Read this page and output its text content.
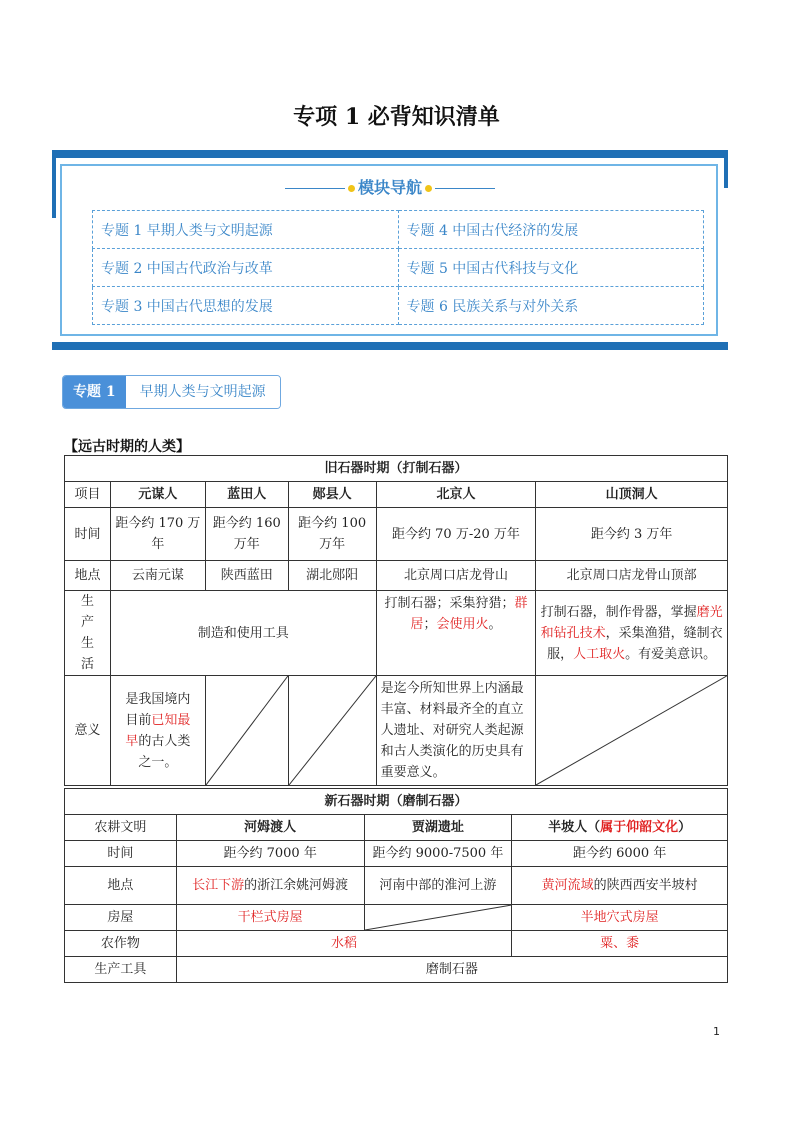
专项 1 必背知识清单
模块导航
专题 1 早期人类与文明起源	专题 4 中国古代经济的发展
专题 2 中国古代政治与改革	专题 5 中国古代科技与文化
专题 3 中国古代思想的发展	专题 6 民族关系与对外关系
专题 1	早期人类与文明起源
【远古时期的人类】
旧石器时期（打制石器）					
项目	元谋人	蓝田人	郧县人	北京人	山顶洞人
时间	距今约 170 万年	距今约 160 万年	距今约 100 万年	距今约 70 万-20 万年	距今约 3 万年
地点	云南元谋	陕西蓝田	湖北郧阳	北京周口店龙骨山	北京周口店龙骨山顶部
生产生活	制造和使用工具			打制石器；采集狩猎；群居；会使用火。	打制石器，制作骨器，掌握磨光和钻孔技术，采集渔猎，缝制衣服，人工取火。有爱美意识。
意义	是我国境内目前已知最早的古人类之一。			是迄今所知世界上内涵最丰富、材料最齐全的直立人遗址、对研究人类起源和古人类演化的历史具有重要意义。	
新石器时期（磨制石器）			
农耕文明	河姆渡人	贾湖遗址	半坡人（属于仰韶文化）
时间	距今约 7000 年	距今约 9000-7500 年	距今约 6000 年
地点	长江下游的浙江余姚河姆渡	河南中部的淮河上游	黄河流域的陕西西安半坡村
房屋	干栏式房屋		半地穴式房屋
农作物	水稻		粟、黍
生产工具	磨制石器		
1
